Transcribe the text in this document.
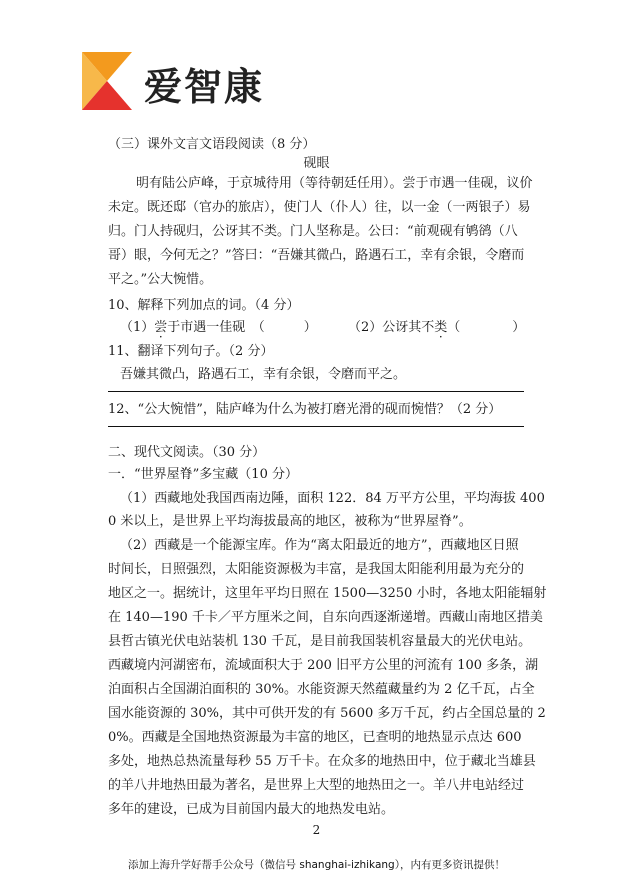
爱智康
（三）课外文言文语段阅读（8 分）
砚眼
明有陆公庐峰，于京城待用（等待朝廷任用）。尝于市遇一佳砚，议价
未定。既还邸（官办的旅店），使门人（仆人）往，以一金（一两银子）易
归。门人持砚归，公讶其不类。门人坚称是。公曰：“前观砚有鸲鹆（八
哥）眼，今何无之？”答曰：“吾嫌其微凸，路遇石工，幸有余银，令磨而
平之。”公大惋惜。
10、解释下列加点的词。（4 分）
（1）尝于市遇一佳砚　（　　　） （2）公讶其不类（　　　　）
11、翻译下列句子。（2 分）
吾嫌其微凸，路遇石工，幸有余银，令磨而平之。
12、“公大惋惜”，陆庐峰为什么为被打磨光滑的砚而惋惜？（2 分）
二、现代文阅读。（30 分）
一．“世界屋脊”多宝藏（10 分）
（1）西藏地处我国西南边陲，面积 122．84 万平方公里，平均海拔 400
0 米以上，是世界上平均海拔最高的地区，被称为“世界屋脊”。
（2）西藏是一个能源宝库。作为“离太阳最近的地方”，西藏地区日照
时间长，日照强烈，太阳能资源极为丰富，是我国太阳能利用最为充分的
地区之一。据统计，这里年平均日照在 1500—3250 小时，各地太阳能辐射
在 140—190 千卡／平方厘米之间，自东向西逐渐递增。西藏山南地区措美
县哲古镇光伏电站装机 130 千瓦，是目前我国装机容量最大的光伏电站。
西藏境内河湖密布，流域面积大于 200 旧平方公里的河流有 100 多条，湖
泊面积占全国湖泊面积的 30%。水能资源天然蕴藏量约为 2 亿千瓦，占全
国水能资源的 30%，其中可供开发的有 5600 多万千瓦，约占全国总量的 2
0%。西藏是全国地热资源最为丰富的地区，已查明的地热显示点达 600
多处，地热总热流量每秒 55 万千卡。在众多的地热田中，位于藏北当雄县
的羊八井地热田最为著名，是世界上大型的地热田之一。羊八井电站经过
多年的建设，已成为目前国内最大的地热发电站。
2
添加上海升学好帮手公众号（微信号 shanghai-izhikang），内有更多资讯提供！
